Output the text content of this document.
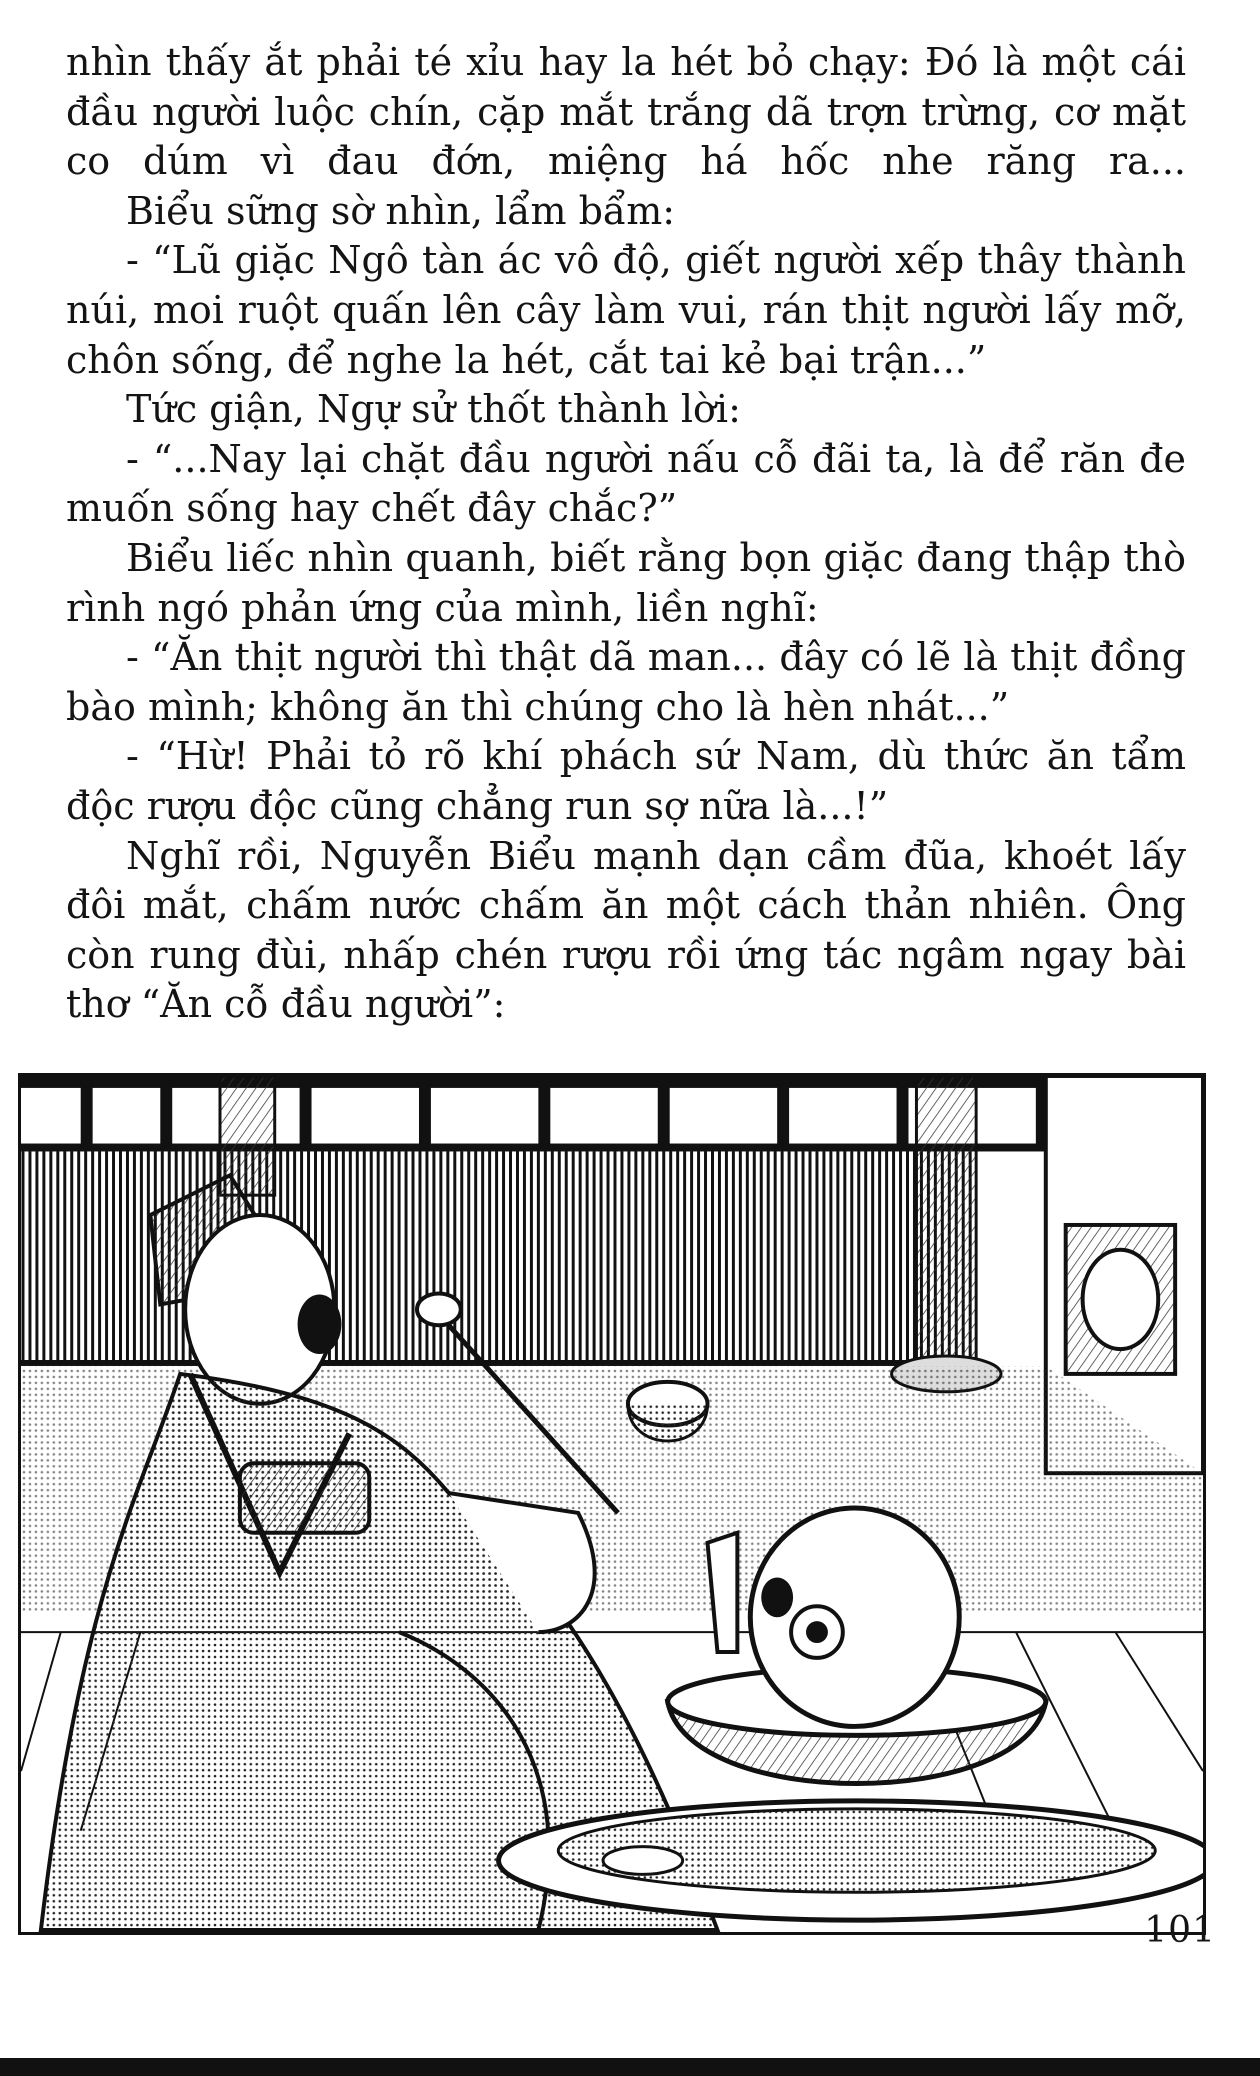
nhìn thấy ắt phải té xỉu hay la hét bỏ chạy: Đó là một cái đầu người luộc chín, cặp mắt trắng dã trợn trừng, cơ mặt co dúm vì đau đớn, miệng há hốc nhe răng ra...

Biểu sững sờ nhìn, lẩm bẩm:

- “Lũ giặc Ngô tàn ác vô độ, giết người xếp thây thành núi, moi ruột quấn lên cây làm vui, rán thịt người lấy mỡ, chôn sống, để nghe la hét, cắt tai kẻ bại trận...”

Tức giận, Ngự sử thốt thành lời:

- “...Nay lại chặt đầu người nấu cỗ đãi ta, là để răn đe muốn sống hay chết đây chắc?”

Biểu liếc nhìn quanh, biết rằng bọn giặc đang thập thò rình ngó phản ứng của mình, liền nghĩ:

- “Ăn thịt người thì thật dã man... đây có lẽ là thịt đồng bào mình; không ăn thì chúng cho là hèn nhát...”

- “Hừ! Phải tỏ rõ khí phách sứ Nam, dù thức ăn tẩm độc rượu độc cũng chẳng run sợ nữa là...!”

Nghĩ rồi, Nguyễn Biểu mạnh dạn cầm đũa, khoét lấy đôi mắt, chấm nước chấm ăn một cách thản nhiên. Ông còn rung đùi, nhấp chén rượu rồi ứng tác ngâm ngay bài thơ “Ăn cỗ đầu người”:

101
